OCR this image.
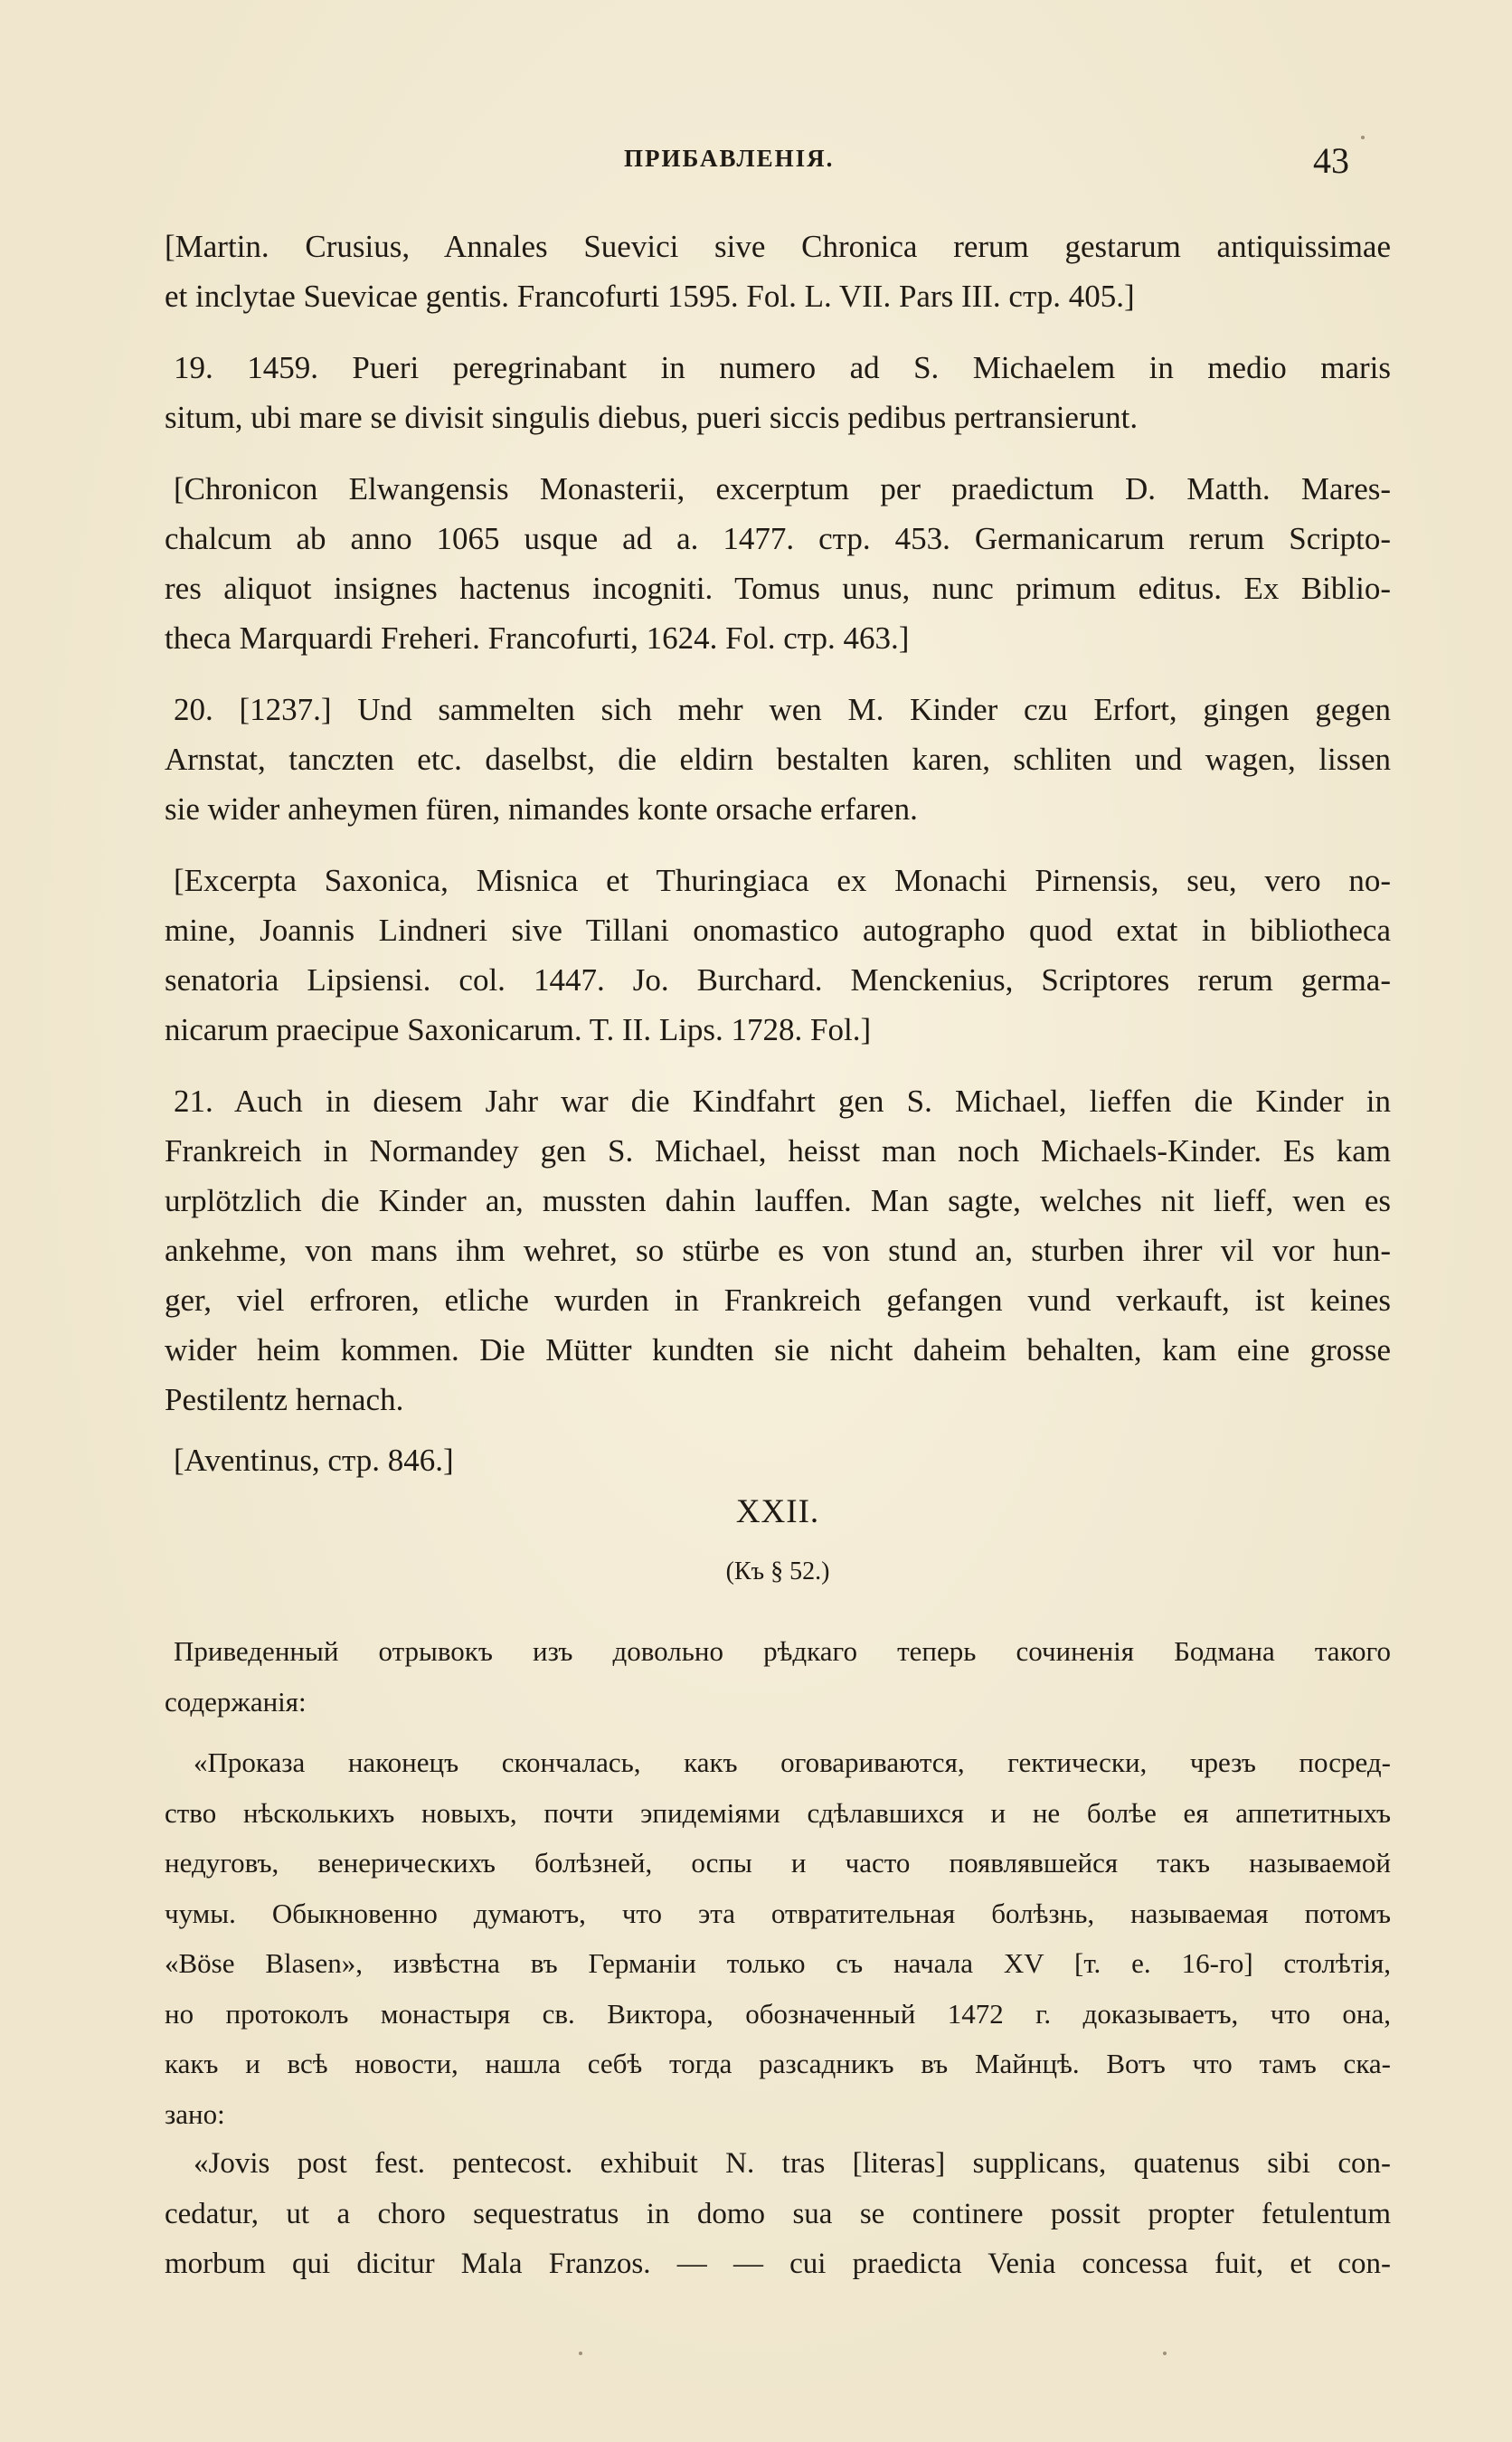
ПРИБАВЛЕНІЯ.	43
[Martin. Crusius, Annales Suevici sive Chronica rerum gestarum antiquissimae
et inclytae Suevicae gentis. Francofurti 1595. Fol. L. VII. Pars III. стр. 405.]
19. 1459. Pueri peregrinabant in numero ad S. Michaelem in medio maris
situm, ubi mare se divisit singulis diebus, pueri siccis pedibus pertransierunt.
[Chronicon Elwangensis Monasterii, excerptum per praedictum D. Matth. Mares-
chalcum ab anno 1065 usque ad a. 1477. стр. 453. Germanicarum rerum Scripto-
res aliquot insignes hactenus incogniti. Tomus unus, nunc primum editus. Ex Biblio-
theca Marquardi Freheri. Francofurti, 1624. Fol. стр. 463.]
20. [1237.] Und sammelten sich mehr wen M. Kinder czu Erfort, gingen gegen
Arnstat, tanczten etc. daselbst, die eldirn bestalten karen, schliten und wagen, lissen
sie wider anheymen füren, nimandes konte orsache erfaren.
[Excerpta Saxonica, Misnica et Thuringiaca ex Monachi Pirnensis, seu, vero no-
mine, Joannis Lindneri sive Tillani onomastico autographo quod extat in bibliotheca
senatoria Lipsiensi. col. 1447. Jo. Burchard. Menckenius, Scriptores rerum germa-
nicarum praecipue Saxonicarum. T. II. Lips. 1728. Fol.]
21. Auch in diesem Jahr war die Kindfahrt gen S. Michael, lieffen die Kinder in
Frankreich in Normandey gen S. Michael, heisst man noch Michaels-Kinder. Es kam
urplötzlich die Kinder an, mussten dahin lauffen. Man sagte, welches nit lieff, wen es
ankehme, von mans ihm wehret, so stürbe es von stund an, sturben ihrer vil vor hun-
ger, viel erfroren, etliche wurden in Frankreich gefangen vund verkauft, ist keines
wider heim kommen. Die Mütter kundten sie nicht daheim behalten, kam eine grosse
Pestilentz hernach.
[Aventinus, стр. 846.]
XXII.
(Къ § 52.)
Приведенный отрывокъ изъ довольно рѣдкаго теперь сочиненія Бодмана такого
содержанія:
«Проказа наконецъ скончалась, какъ оговариваются, гектически, чрезъ посред-
ство нѣсколькихъ новыхъ, почти эпидеміями сдѣлавшихся и не болѣе ея аппетитныхъ
недуговъ, венерическихъ болѣзней, оспы и часто появлявшейся такъ называемой
чумы. Обыкновенно думаютъ, что эта отвратительная болѣзнь, называемая потомъ
«Böse Blasen», извѣстна въ Германіи только съ начала XV [т. е. 16-го] столѣтія,
но протоколъ монастыря св. Виктора, обозначенный 1472 г. доказываетъ, что она,
какъ и всѣ новости, нашла себѣ тогда разсадникъ въ Майнцѣ. Вотъ что тамъ ска-
зано:
«Jovis post fest. pentecost. exhibuit N. tras [literas] supplicans, quatenus sibi con-
cedatur, ut a choro sequestratus in domo sua se continere possit propter fetulentum
morbum qui dicitur Mala Franzos. — — cui praedicta Venia concessa fuit, et con-
